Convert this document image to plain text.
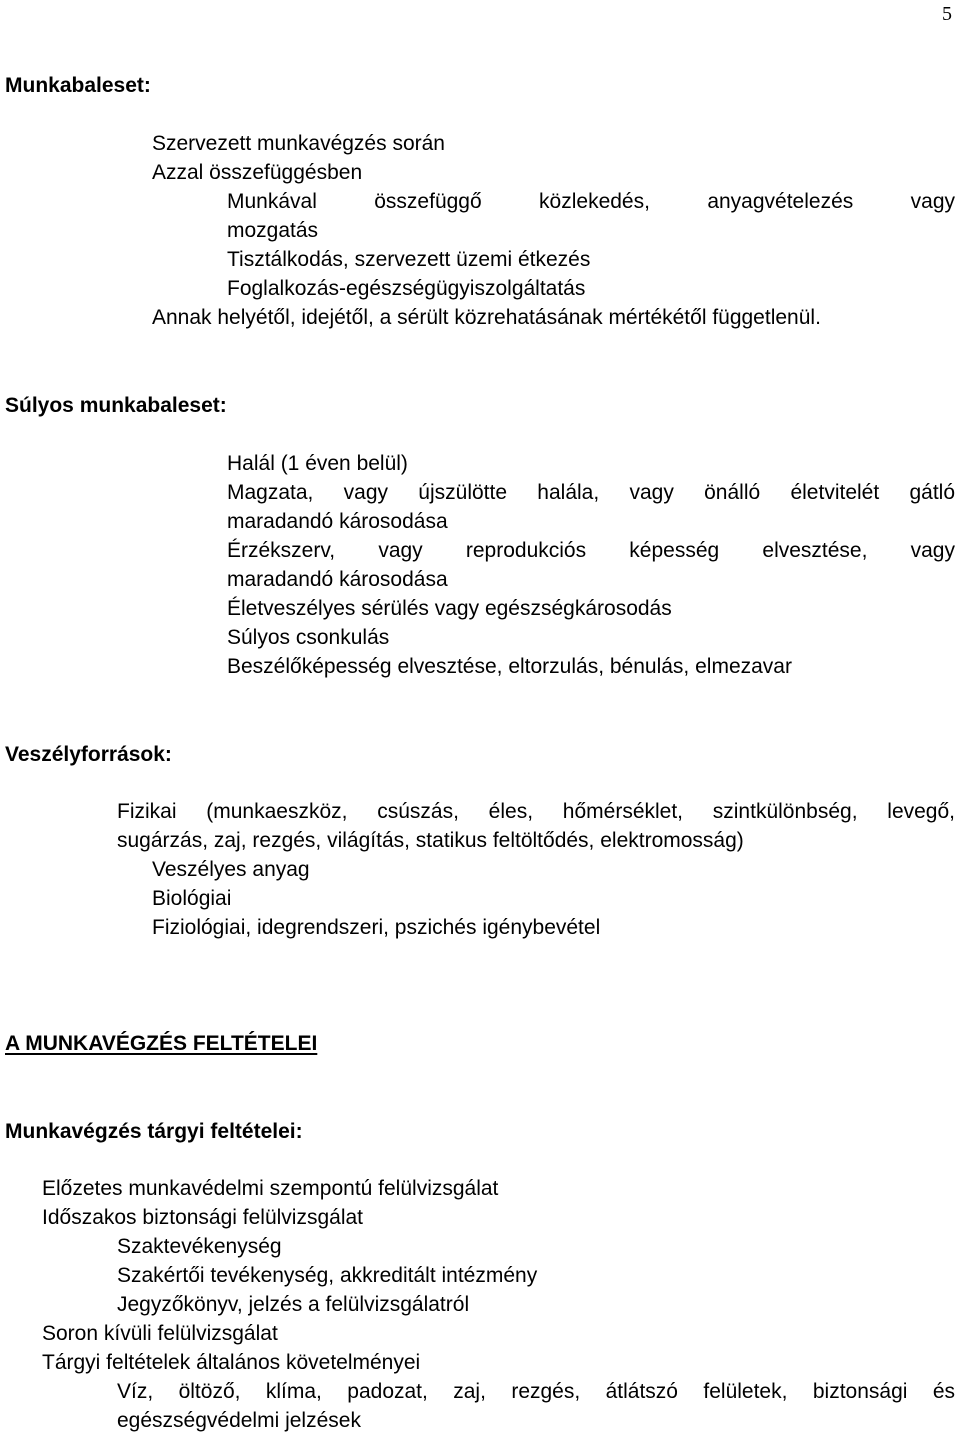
5
Munkabaleset:
Szervezett munkavégzés során
Azzal összefüggésben
Munkával összefüggő közlekedés, anyagvételezés vagy
mozgatás
Tisztálkodás, szervezett üzemi étkezés
Foglalkozás-egészségügyiszolgáltatás
Annak helyétől, idejétől, a sérült közrehatásának mértékétől függetlenül.
Súlyos munkabaleset:
Halál (1 éven belül)
Magzata, vagy újszülötte halála, vagy önálló életvitelét gátló
maradandó károsodása
Érzékszerv, vagy reprodukciós képesség elvesztése, vagy
maradandó károsodása
Életveszélyes sérülés vagy egészségkárosodás
Súlyos csonkulás
Beszélőképesség elvesztése, eltorzulás, bénulás, elmezavar
Veszélyforrások:
Fizikai (munkaeszköz, csúszás, éles, hőmérséklet, szintkülönbség, levegő,
sugárzás, zaj, rezgés, világítás, statikus feltöltődés, elektromosság)
Veszélyes anyag
Biológiai
Fiziológiai, idegrendszeri, pszichés igénybevétel
A MUNKAVÉGZÉS FELTÉTELEI
Munkavégzés tárgyi feltételei:
Előzetes munkavédelmi szempontú felülvizsgálat
Időszakos biztonsági felülvizsgálat
Szaktevékenység
Szakértői tevékenység, akkreditált intézmény
Jegyzőkönyv, jelzés a felülvizsgálatról
Soron kívüli felülvizsgálat
Tárgyi feltételek általános követelményei
Víz, öltöző, klíma, padozat, zaj, rezgés, átlátszó felületek, biztonsági és
egészségvédelmi jelzések
